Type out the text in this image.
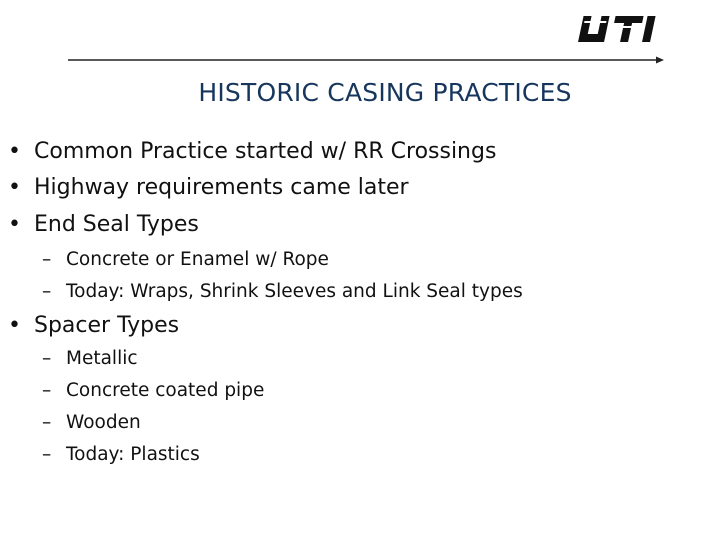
HISTORIC CASING PRACTICES
• Common Practice started w/ RR Crossings
• Highway requirements came later
• End Seal Types
– Concrete or Enamel w/ Rope
– Today: Wraps, Shrink Sleeves and Link Seal types
• Spacer Types
– Metallic
– Concrete coated pipe
– Wooden
– Today: Plastics
